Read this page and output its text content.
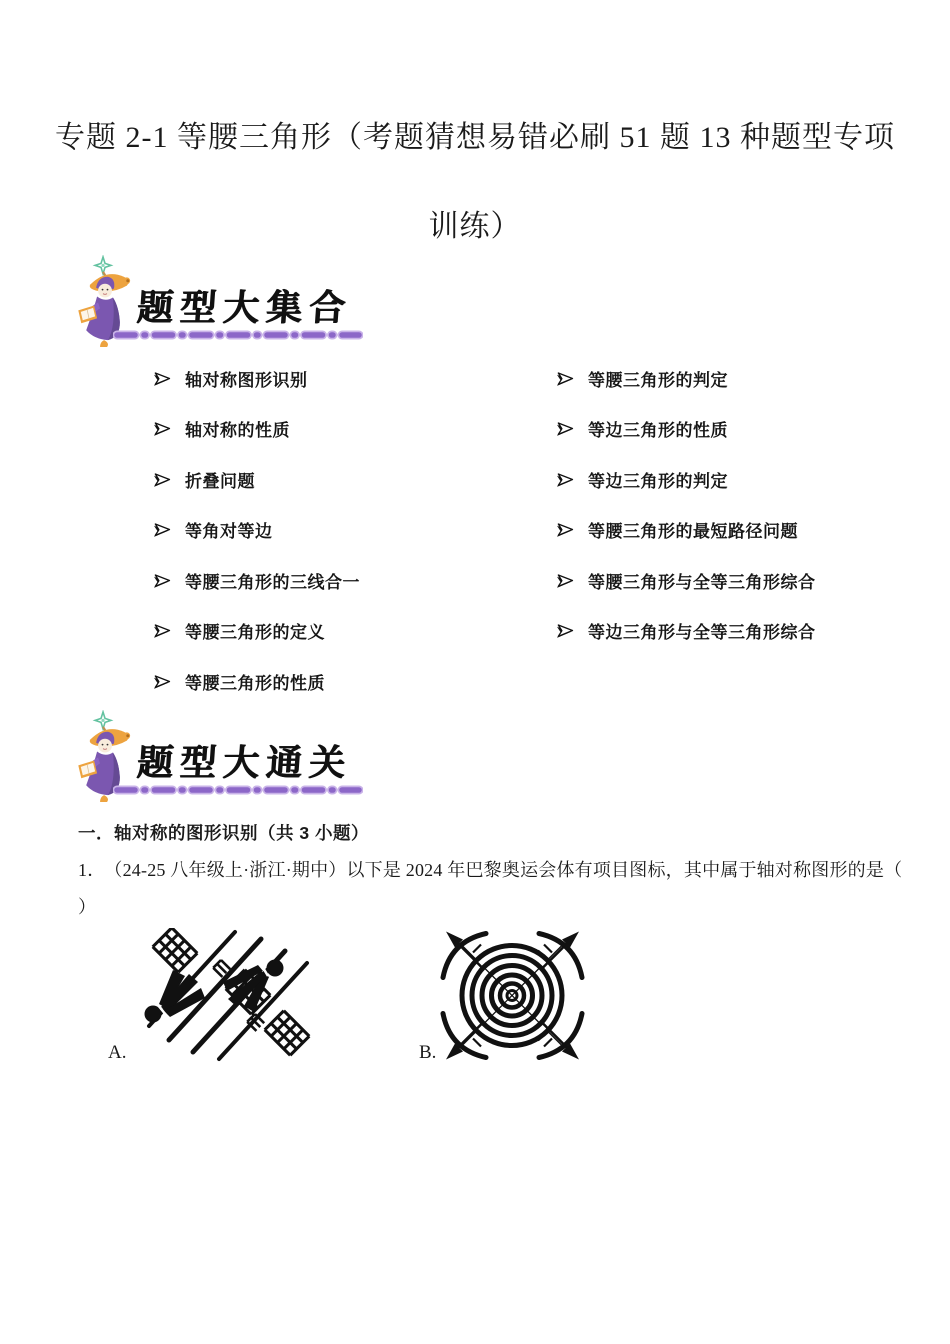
专题 2-1 等腰三角形（考题猜想易错必刷 51 题 13 种题型专项
训练）
题型大集合
轴对称图形识别
轴对称的性质
折叠问题
等角对等边
等腰三角形的三线合一
等腰三角形的定义
等腰三角形的性质
等腰三角形的判定
等边三角形的性质
等边三角形的判定
等腰三角形的最短路径问题
等腰三角形与全等三角形综合
等边三角形与全等三角形综合
题型大通关
一．轴对称的图形识别（共 3 小题）

1． （24-25 八年级上·浙江·期中）以下是 2024 年巴黎奥运会体有项目图标，其中属于轴对称图形的是（

）

A.	B.
